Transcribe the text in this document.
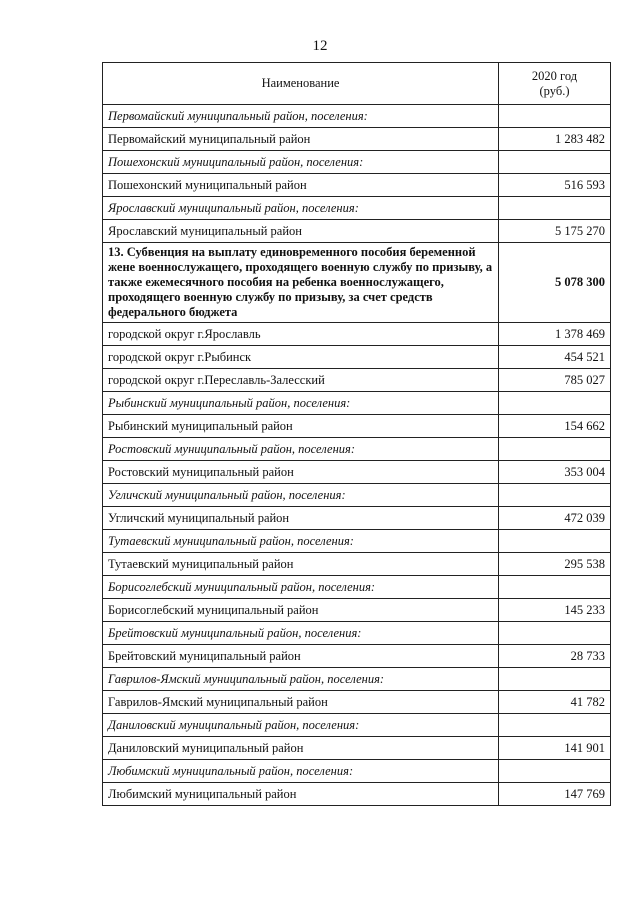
12
Наименование	2020 год
(руб.)

Первомайский муниципальный район, поселения:	
Первомайский муниципальный район	1 283 482
Пошехонский муниципальный район, поселения:	
Пошехонский муниципальный район	516 593
Ярославский муниципальный район, поселения:	
Ярославский муниципальный район	5 175 270
13. Субвенция на выплату единовременного пособия беременной жене военнослужащего, проходящего военную службу по призыву, а также ежемесячного пособия на ребенка военнослужащего, проходящего военную службу по призыву, за счет средств федерального бюджета	5 078 300
городской округ г.Ярославль	1 378 469
городской округ г.Рыбинск	454 521
городской округ г.Переславль-Залесский	785 027
Рыбинский муниципальный район, поселения:	
Рыбинский муниципальный район	154 662
Ростовский муниципальный район, поселения:	
Ростовский муниципальный район	353 004
Угличский муниципальный район, поселения:	
Угличский муниципальный район	472 039
Тутаевский муниципальный район, поселения:	
Тутаевский муниципальный район	295 538
Борисоглебский муниципальный район, поселения:	
Борисоглебский муниципальный район	145 233
Брейтовский муниципальный район, поселения:	
Брейтовский муниципальный район	28 733
Гаврилов-Ямский муниципальный район, поселения:	
Гаврилов-Ямский муниципальный район	41 782
Даниловский муниципальный район, поселения:	
Даниловский муниципальный район	141 901
Любимский муниципальный район, поселения:	
Любимский муниципальный район	147 769
